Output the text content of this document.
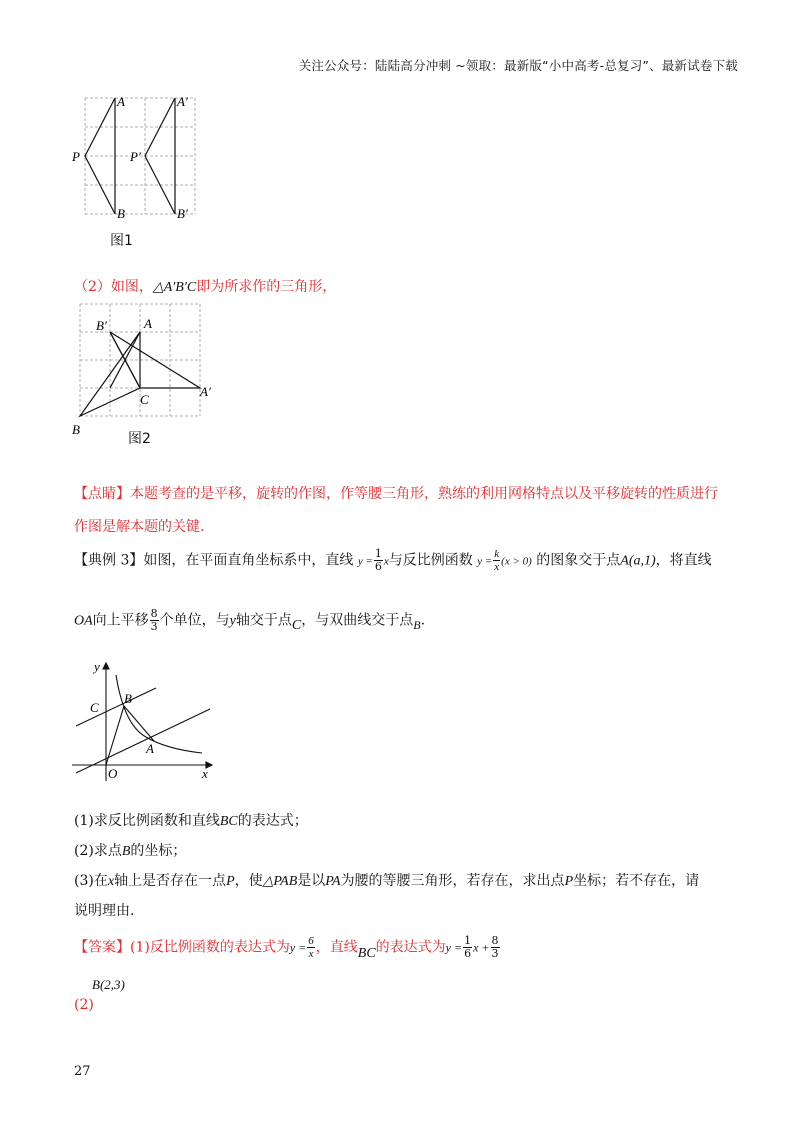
关注公众号：陆陆高分冲刺 ~领取：最新版“小中高考-总复习”、最新试卷下载
A	A′
P	P′
B	B′
图1
（2）如图，△A′B′C即为所求作的三角形，
B′	A
A′
C
B
图2
【点睛】本题考查的是平移，旋转的作图，作等腰三角形，熟练的利用网格特点以及平移旋转的性质进行
作图是解本题的关键.
【典例 3】如图，在平面直角坐标系中，直线 $y = \frac{1}{6}$ x与反比例函数 $y = \frac{k}{x} (x > 0)$ 的图象交于点A(a,1)，将直线
OA向上平移 $\frac{8}{3}$ 个单位，与y轴交于点C，与双曲线交于点B.
y
C
B
A
O	x
(1)求反比例函数和直线BC的表达式；
(2)求点B的坐标；
(3)在x轴上是否存在一点P，使△PAB是以PA为腰的等腰三角形，若存在，求出点P坐标；若不存在，请
说明理由.
【答案】(1)反比例函数的表达式为$y = \frac{6}{x}$ ，直线BC的表达式为$y = \frac{1}{6}$ $x + \frac{8}{3}$
B(2,3)
(2)
27
